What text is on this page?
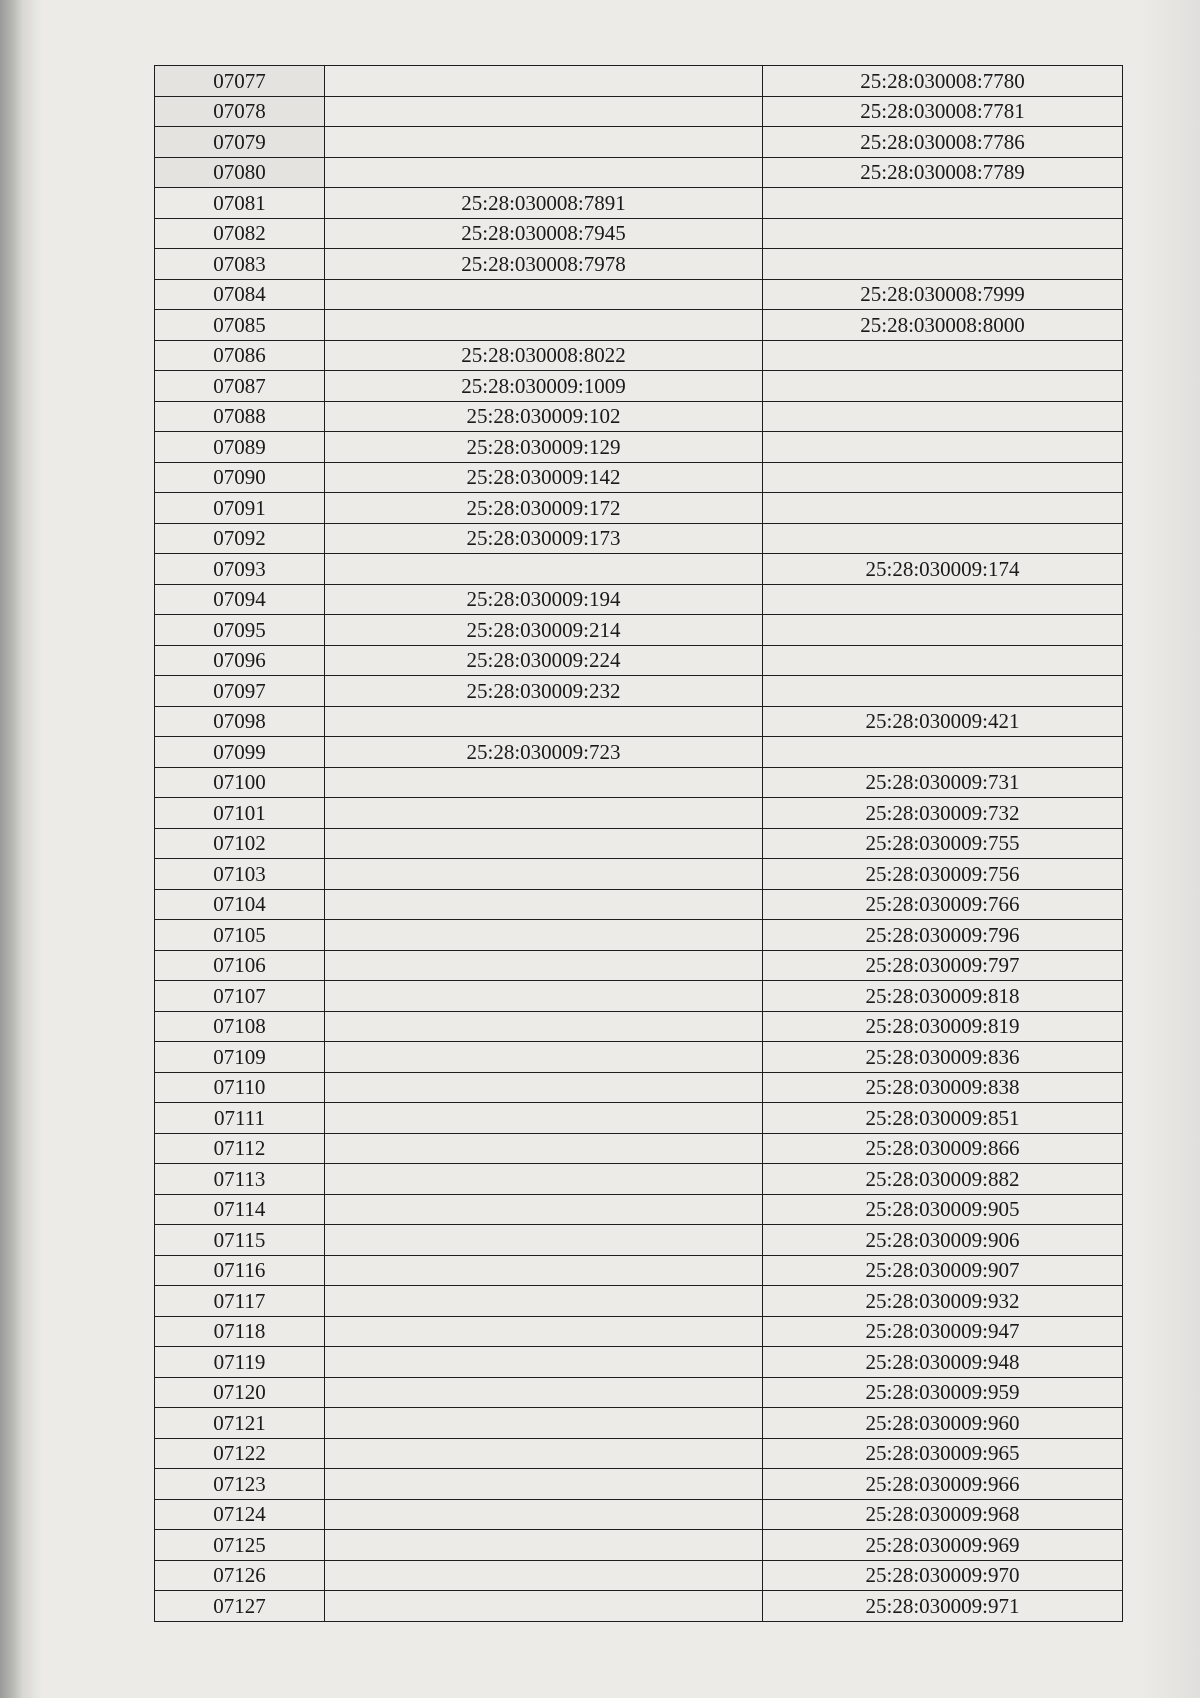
07077		25:28:030008:7780
07078		25:28:030008:7781
07079		25:28:030008:7786
07080		25:28:030008:7789
07081	25:28:030008:7891	
07082	25:28:030008:7945	
07083	25:28:030008:7978	
07084		25:28:030008:7999
07085		25:28:030008:8000
07086	25:28:030008:8022	
07087	25:28:030009:1009	
07088	25:28:030009:102	
07089	25:28:030009:129	
07090	25:28:030009:142	
07091	25:28:030009:172	
07092	25:28:030009:173	
07093		25:28:030009:174
07094	25:28:030009:194	
07095	25:28:030009:214	
07096	25:28:030009:224	
07097	25:28:030009:232	
07098		25:28:030009:421
07099	25:28:030009:723	
07100		25:28:030009:731
07101		25:28:030009:732
07102		25:28:030009:755
07103		25:28:030009:756
07104		25:28:030009:766
07105		25:28:030009:796
07106		25:28:030009:797
07107		25:28:030009:818
07108		25:28:030009:819
07109		25:28:030009:836
07110		25:28:030009:838
07111		25:28:030009:851
07112		25:28:030009:866
07113		25:28:030009:882
07114		25:28:030009:905
07115		25:28:030009:906
07116		25:28:030009:907
07117		25:28:030009:932
07118		25:28:030009:947
07119		25:28:030009:948
07120		25:28:030009:959
07121		25:28:030009:960
07122		25:28:030009:965
07123		25:28:030009:966
07124		25:28:030009:968
07125		25:28:030009:969
07126		25:28:030009:970
07127		25:28:030009:971
